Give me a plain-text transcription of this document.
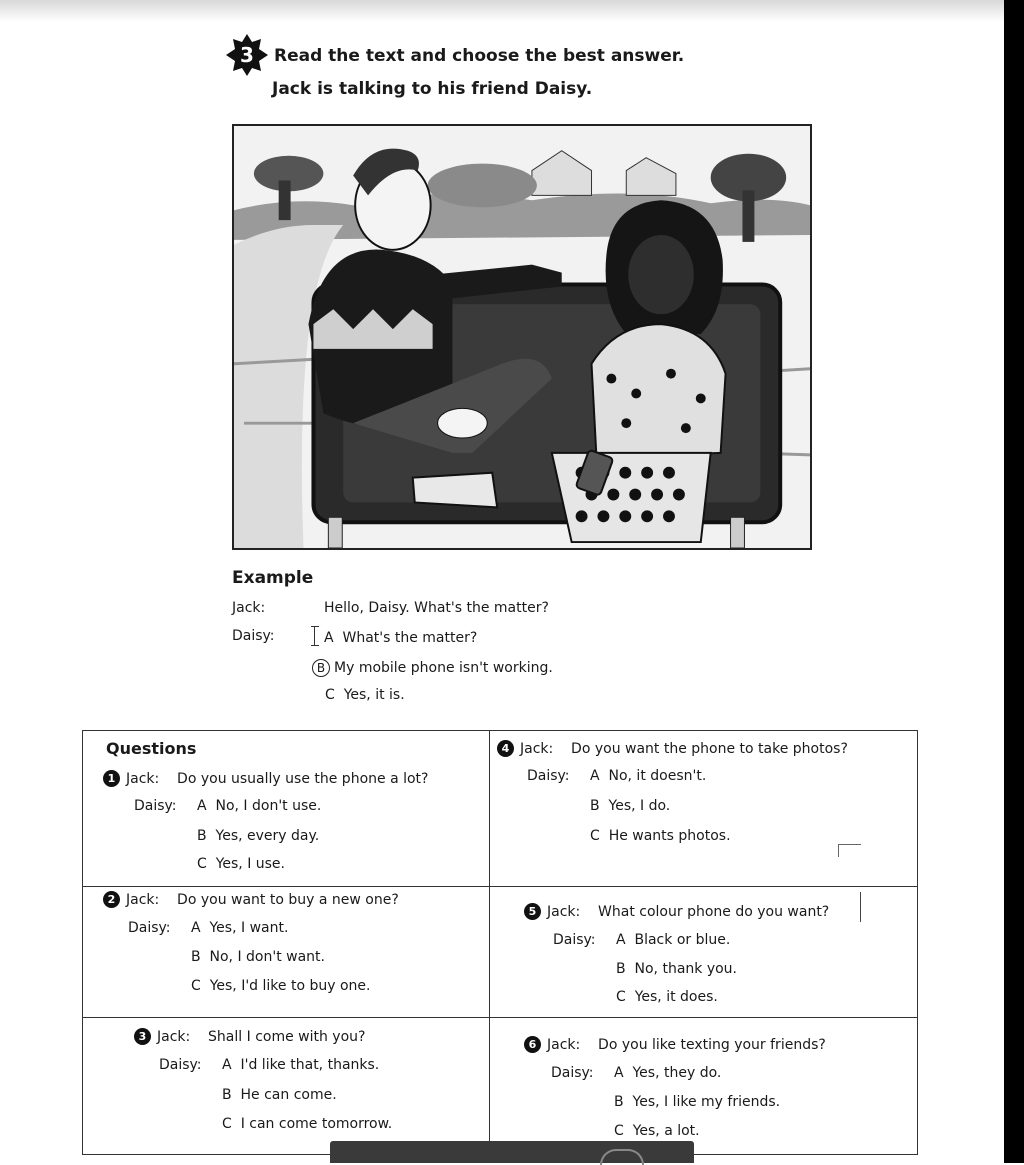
3	Read the text and choose the best answer.
Jack is talking to his friend Daisy.
Example
Jack:	Hello, Daisy. What's the matter?
Daisy:	A What's the matter?
B My mobile phone isn't working.
C Yes, it is.
Questions
1 Jack: Do you usually use the phone a lot?
Daisy: A No, I don't use.
B Yes, every day.
C Yes, I use.
2 Jack: Do you want to buy a new one?
Daisy: A Yes, I want.
B No, I don't want.
C Yes, I'd like to buy one.
3 Jack: Shall I come with you?
Daisy: A I'd like that, thanks.
B He can come.
C I can come tomorrow.
4 Jack: Do you want the phone to take photos?
Daisy: A No, it doesn't.
B Yes, I do.
C He wants photos.
5 Jack: What colour phone do you want?
Daisy: A Black or blue.
B No, thank you.
C Yes, it does.
6 Jack: Do you like texting your friends?
Daisy: A Yes, they do.
B Yes, I like my friends.
C Yes, a lot.
